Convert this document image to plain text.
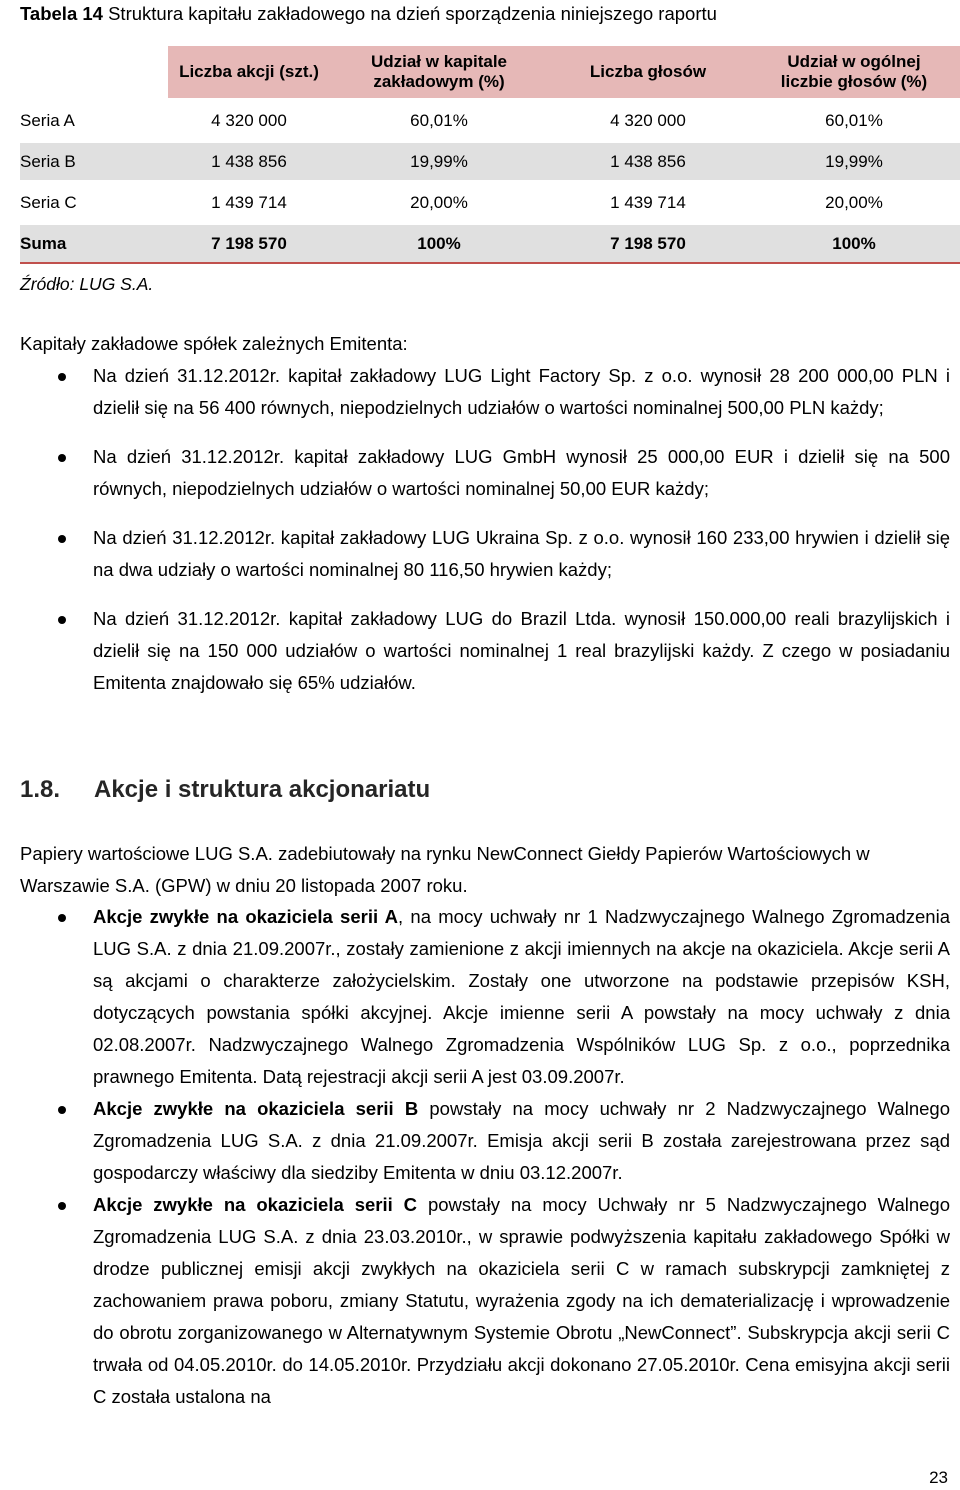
Tabela 14 Struktura kapitału zakładowego na dzień sporządzenia niniejszego raportu
	Liczba akcji (szt.)	Udział w kapitale zakładowym (%)	Liczba głosów	Udział w ogólnej liczbie głosów (%)
Seria A	4 320 000	60,01%	4 320 000	60,01%
Seria B	1 438 856	19,99%	1 438 856	19,99%
Seria C	1 439 714	20,00%	1 439 714	20,00%
Suma	7 198 570	100%	7 198 570	100%
Źródło: LUG S.A.
Kapitały zakładowe spółek zależnych Emitenta:
Na dzień 31.12.2012r. kapitał zakładowy LUG Light Factory Sp. z o.o. wynosił 28 200 000,00 PLN i dzielił się na 56 400 równych, niepodzielnych udziałów o wartości nominalnej 500,00 PLN każdy;
Na dzień 31.12.2012r. kapitał zakładowy LUG GmbH wynosił 25 000,00 EUR i dzielił się na 500 równych, niepodzielnych udziałów o wartości nominalnej 50,00 EUR każdy;
Na dzień 31.12.2012r. kapitał zakładowy LUG Ukraina Sp. z o.o. wynosił 160 233,00 hrywien i dzielił się na dwa udziały o wartości nominalnej 80 116,50 hrywien każdy;
Na dzień 31.12.2012r. kapitał zakładowy LUG do Brazil Ltda. wynosił 150.000,00 reali brazylijskich i dzielił się na 150 000 udziałów o wartości nominalnej 1 real brazylijski każdy. Z czego w posiadaniu Emitenta znajdowało się 65% udziałów.
1.8. Akcje i struktura akcjonariatu
Papiery wartościowe LUG S.A. zadebiutowały na rynku NewConnect Giełdy Papierów Wartościowych w Warszawie S.A. (GPW) w dniu 20 listopada 2007 roku.
Akcje zwykłe na okaziciela serii A, na mocy uchwały nr 1 Nadzwyczajnego Walnego Zgromadzenia LUG S.A. z dnia 21.09.2007r., zostały zamienione z akcji imiennych na akcje na okaziciela. Akcje serii A są akcjami o charakterze założycielskim. Zostały one utworzone na podstawie przepisów KSH, dotyczących powstania spółki akcyjnej. Akcje imienne serii A powstały na mocy uchwały z dnia 02.08.2007r. Nadzwyczajnego Walnego Zgromadzenia Wspólników LUG Sp. z o.o., poprzednika prawnego Emitenta. Datą rejestracji akcji serii A jest 03.09.2007r.
Akcje zwykłe na okaziciela serii B powstały na mocy uchwały nr 2 Nadzwyczajnego Walnego Zgromadzenia LUG S.A. z dnia 21.09.2007r. Emisja akcji serii B została zarejestrowana przez sąd gospodarczy właściwy dla siedziby Emitenta w dniu 03.12.2007r.
Akcje zwykłe na okaziciela serii C powstały na mocy Uchwały nr 5 Nadzwyczajnego Walnego Zgromadzenia LUG S.A. z dnia 23.03.2010r., w sprawie podwyższenia kapitału zakładowego Spółki w drodze publicznej emisji akcji zwykłych na okaziciela serii C w ramach subskrypcji zamkniętej z zachowaniem prawa poboru, zmiany Statutu, wyrażenia zgody na ich dematerializację i wprowadzenie do obrotu zorganizowanego w Alternatywnym Systemie Obrotu „NewConnect”. Subskrypcja akcji serii C trwała od 04.05.2010r. do 14.05.2010r. Przydziału akcji dokonano 27.05.2010r. Cena emisyjna akcji serii C została ustalona na
23
